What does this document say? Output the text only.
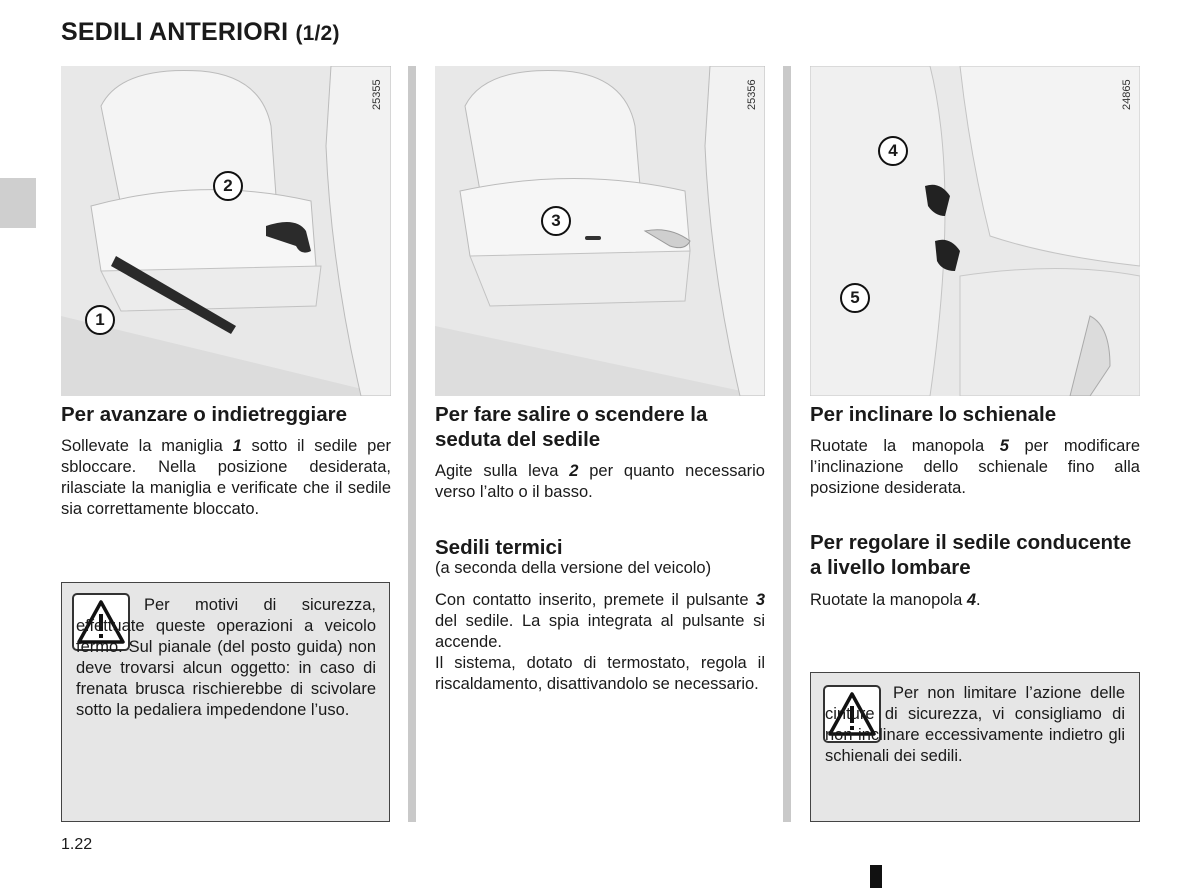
SEDILI ANTERIORI (1/2)
2
1
25355
Per avanzare o indietreggiare
Sollevate la maniglia 1 sotto il sedile per sbloccare. Nella posizione desiderata, rilasciate la maniglia e verificate che il sedile sia correttamente bloccato.
Per motivi di sicurezza, effettuate queste operazioni a veicolo fermo. Sul pianale (del posto guida) non deve trovarsi alcun oggetto: in caso di frenata brusca rischierebbe di scivolare sotto la pedaliera impedendone l’uso.
3
25356
Per fare salire o scendere la seduta del sedile
Agite sulla leva 2 per quanto necessario verso l’alto o il basso.
Sedili termici
(a seconda della versione del veicolo)
Con contatto inserito, premete il pulsante 3 del sedile. La spia integrata al pulsante si accende.
Il sistema, dotato di termostato, regola il riscaldamento, disattivandolo se necessario.
4
5
24865
Per inclinare lo schienale
Ruotate la manopola 5 per modificare l’inclinazione dello schienale fino alla posizione desiderata.
Per regolare il sedile conducente a livello lombare
Ruotate la manopola 4.
Per non limitare l’azione delle cinture di sicurezza, vi consigliamo di non inclinare eccessivamente indietro gli schienali dei sedili.
1.22
